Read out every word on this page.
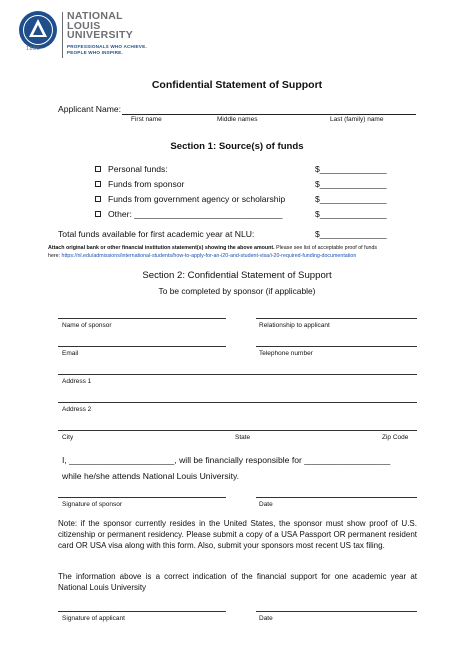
1886
NATIONAL
LOUIS
UNIVERSITY
PROFESSIONALS WHO ACHIEVE.
PEOPLE WHO INSPIRE.
Confidential Statement of Support
Applicant Name:
First name	Middle names	Last (family) name
Section 1: Source(s) of funds
Personal funds:	$______________
Funds from sponsor	$______________
Funds from government agency or scholarship	$______________
Other: _______________________________	$______________
Total funds available for first academic year at NLU:	$______________
Attach original bank or other financial institution statement(s) showing the above amount. Please see list of acceptable proof of funds
here: https://nl.edu/admissions/international-students/how-to-apply-for-an-i20-and-student-visa/i-20-required-funding-documentation
Section 2: Confidential Statement of Support
To be completed by sponsor (if applicable)
Name of sponsor	Relationship to applicant
Email	Telephone number
Address 1
Address 2
City	State	Zip Code
I, ______________________, will be financially responsible for __________________
while he/she attends National Louis University.
Signature of sponsor	Date
Note: if the sponsor currently resides in the United States, the sponsor must show proof of U.S. citizenship or permanent residency. Please submit a copy of a USA Passport OR permanent resident card OR USA visa along with this form. Also, submit your sponsors most recent US tax filing.
The information above is a correct indication of the financial support for one academic year at National Louis University
Signature of applicant	Date
